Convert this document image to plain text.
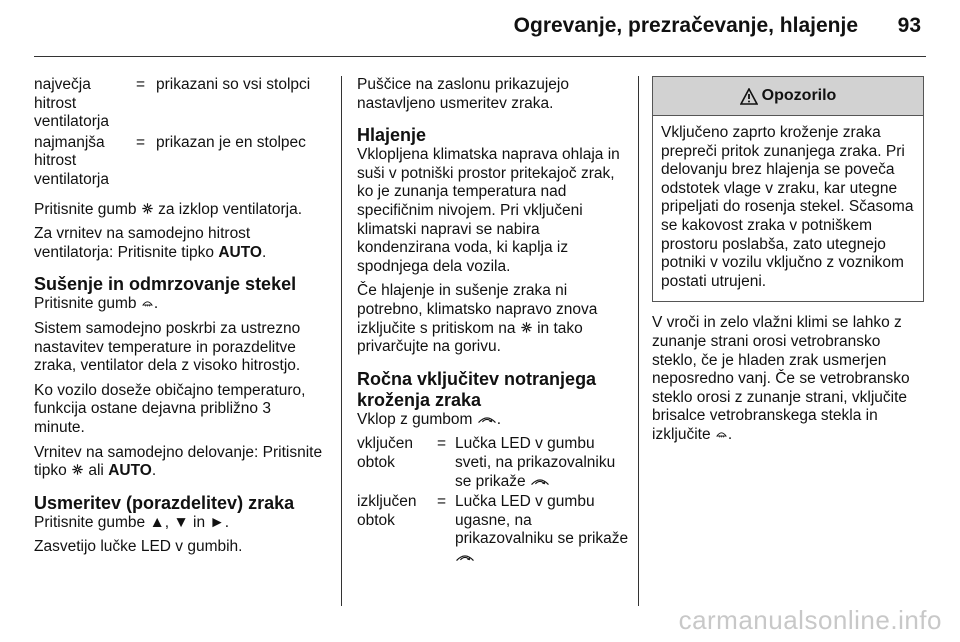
Ogrevanje, prezračevanje, hlajenje 93
največja hitrost ventilatorja
= prikazani so vsi stolpci
najmanjša hitrost ventilatorja
= prikazan je en stolpec

Pritisnite gumb  za izklop ventilatorja.

Za vrnitev na samodejno hitrost ventilatorja: Pritisnite tipko AUTO.

Sušenje in odmrzovanje stekel

Pritisnite gumb .

Sistem samodejno poskrbi za ustrezno nastavitev temperature in porazdelitve zraka, ventilator dela z visoko hitrostjo.

Ko vozilo doseže običajno temperaturo, funkcija ostane dejavna približno 3 minute.

Vrnitev na samodejno delovanje: Pritisnite tipko  ali AUTO.

Usmeritev (porazdelitev) zraka

Pritisnite gumbe ▲, ▼ in ►.

Zasvetijo lučke LED v gumbih.

Puščice na zaslonu prikazujejo nastavljeno usmeritev zraka.

Hlajenje

Vklopljena klimatska naprava ohlaja in suši v potniški prostor pritekajoč zrak, ko je zunanja temperatura nad specifičnim nivojem. Pri vključeni klimatski napravi se nabira kondenzirana voda, ki kaplja iz spodnjega dela vozila.

Če hlajenje in sušenje zraka ni potrebno, klimatsko napravo znova izključite s pritiskom na  in tako privarčujte na gorivu.

Ročna vključitev notranjega kroženja zraka

Vklop z gumbom .

vključen obtok
= Lučka LED v gumbu sveti, na prikazovalniku se prikaže
izključen obtok
= Lučka LED v gumbu ugasne, na prikazovalniku se prikaže
Opozorilo
Vključeno zaprto kroženje zraka prepreči pritok zunanjega zraka. Pri delovanju brez hlajenja se poveča odstotek vlage v zraku, kar utegne pripeljati do rosenja stekel. Sčasoma se kakovost zraka v potniškem prostoru poslabša, zato utegnejo potniki v vozilu vključno z voznikom postati utrujeni.

V vroči in zelo vlažni klimi se lahko z zunanje strani orosi vetrobransko steklo, če je hladen zrak usmerjen neposredno vanj. Če se vetrobransko steklo orosi z zunanje strani, vključite brisalce vetrobranskega stekla in izključite .

carmanualsonline.info
